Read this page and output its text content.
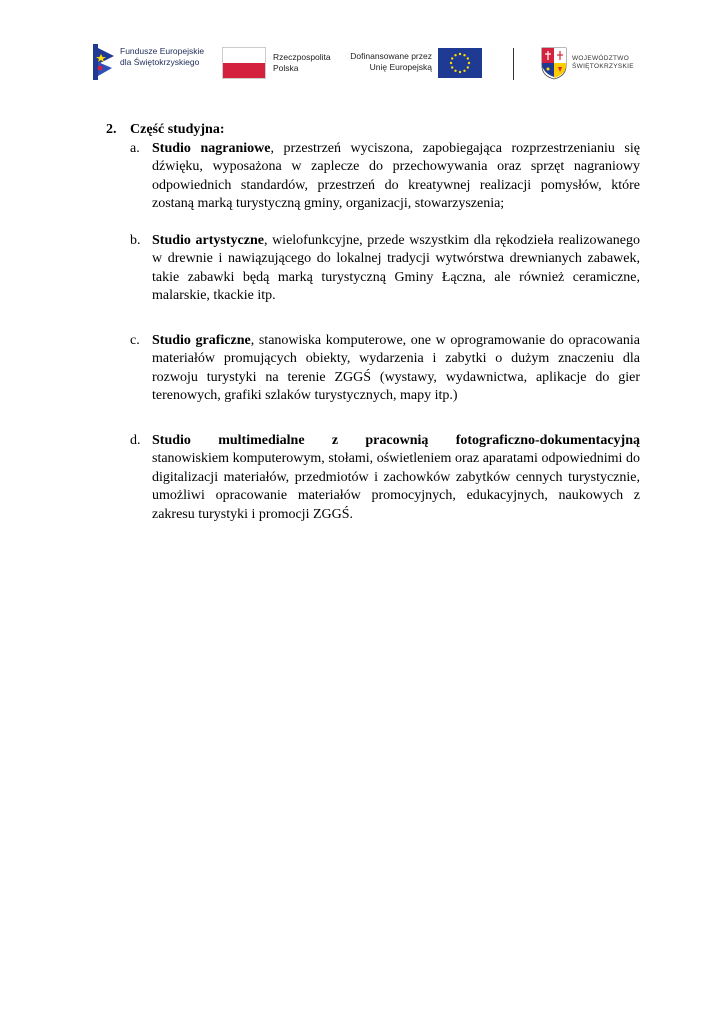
Fundusze Europejskie
dla Świętokrzyskiego	Rzeczpospolita
Polska
Dofinansowane przez
Unię Europejską
WOJEWÓDZTWO
ŚWIĘTOKRZYSKIE
2. Część studyjna:
a. Studio nagraniowe, przestrzeń wyciszona, zapobiegająca rozprzestrzenianiu się dźwięku, wyposażona w zaplecze do przechowywania oraz sprzęt nagraniowy odpowiednich standardów, przestrzeń do kreatywnej realizacji pomysłów, które zostaną marką turystyczną gminy, organizacji, stowarzyszenia;
b. Studio artystyczne, wielofunkcyjne, przede wszystkim dla rękodzieła realizowanego w drewnie i nawiązującego do lokalnej tradycji wytwórstwa drewnianych zabawek, takie zabawki będą marką turystyczną Gminy Łączna, ale również ceramiczne, malarskie, tkackie itp.
c. Studio graficzne, stanowiska komputerowe, one w oprogramowanie do opracowania materiałów promujących obiekty, wydarzenia i zabytki o dużym znaczeniu dla rozwoju turystyki na terenie ZGGŚ (wystawy, wydawnictwa, aplikacje do gier terenowych, grafiki szlaków turystycznych, mapy itp.)
d. Studio multimedialne z pracownią fotograficzno-dokumentacyjną
stanowiskiem komputerowym, stołami, oświetleniem oraz aparatami odpowiednimi do digitalizacji materiałów, przedmiotów i zachowków zabytków cennych turystycznie, umożliwi opracowanie materiałów promocyjnych, edukacyjnych, naukowych z zakresu turystyki i promocji ZGGŚ.
